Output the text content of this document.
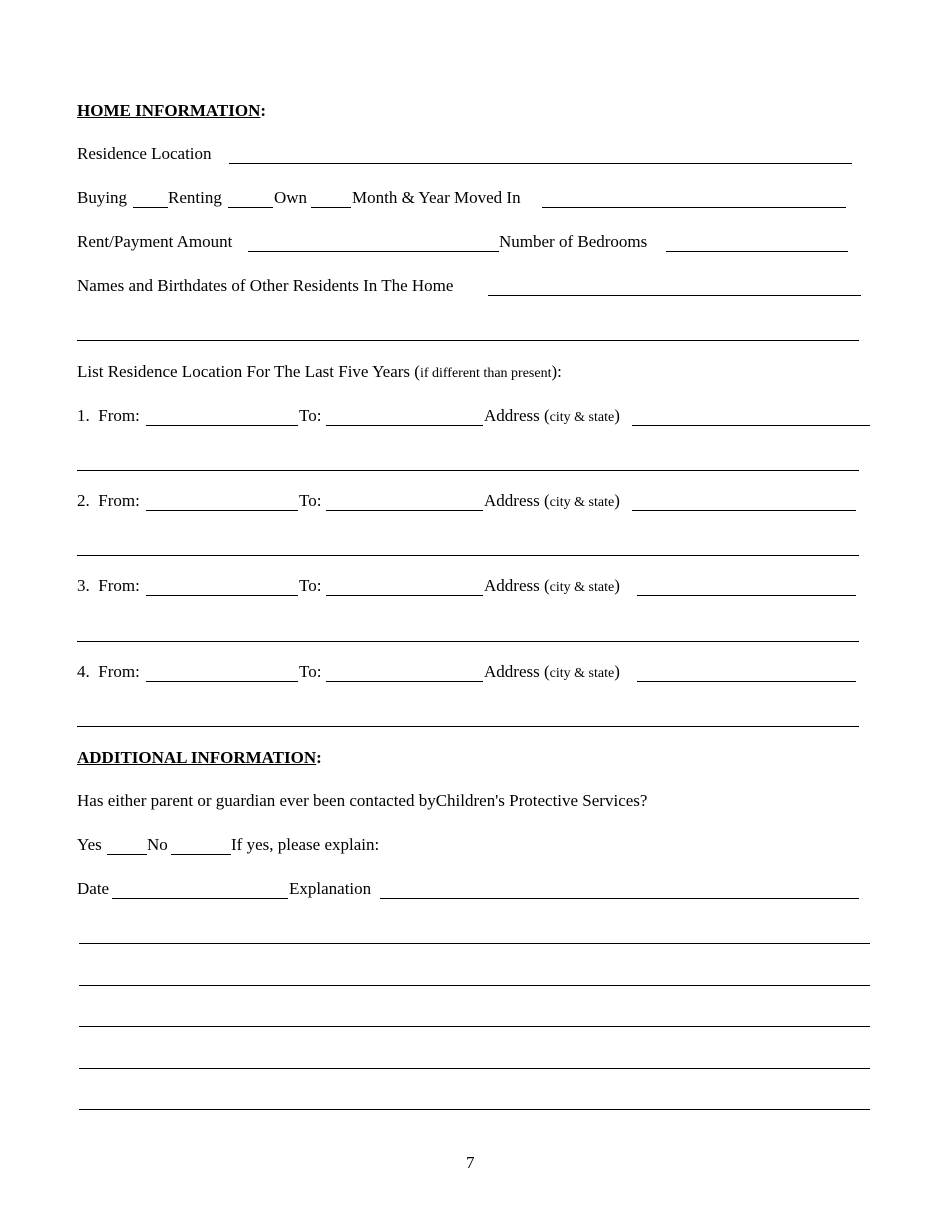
HOME INFORMATION:
Residence Location
Buying Renting	Own	Month & Year Moved In
Rent/Payment Amount	Number of Bedrooms
Names and Birthdates of Other Residents In The Home
List Residence Location For The Last Five Years (if different than present):
1. From:	To:	Address (city & state)
2. From:	To:	Address (city & state)
3. From:	To:	Address (city & state)
4. From:	To:	Address (city & state)
ADDITIONAL INFORMATION:
Has either parent or guardian ever been contacted byChildren's Protective Services?
Yes	No	If yes, please explain:
Date	Explanation
7
